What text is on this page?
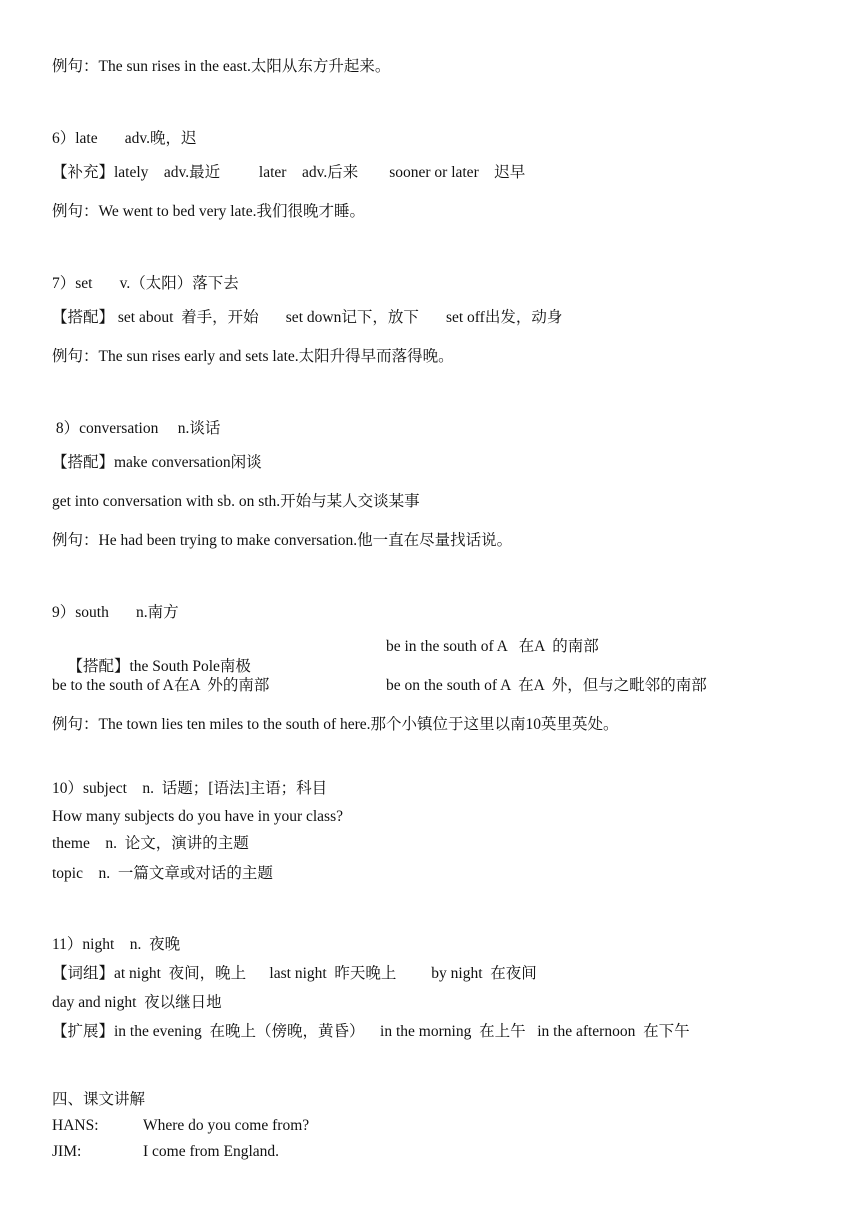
例句：The sun rises in the east.太阳从东方升起来。
6）late       adv.晚，迟
【补充】lately    adv.最近          later    adv.后来        sooner or later    迟早
例句：We went to bed very late.我们很晚才睡。
7）set       v.（太阳）落下去
【搭配】 set about  着手，开始       set down记下，放下       set off出发，动身
例句：The sun rises early and sets late.太阳升得早而落得晚。
8）conversation     n.谈话
【搭配】make conversation闲谈
get into conversation with sb. on sth.开始与某人交谈某事
例句：He had been trying to make conversation.他一直在尽量找话说。
9）south       n.南方

【搭配】the South Pole南极

be in the south of A   在A  的南部
be to the south of A在A  外的南部	be on the south of A  在A  外，但与之毗邻的南部
例句：The town lies ten miles to the south of here.那个小镇位于这里以南10英里英处。
10）subject    n.  话题；[语法]主语；科目
How many subjects do you have in your class?
theme    n.  论文，演讲的主题
topic    n.  一篇文章或对话的主题
11）night    n.  夜晚
【词组】at night  夜间，晚上      last night  昨天晚上         by night  在夜间
day and night  夜以继日地
【扩展】in the evening  在晚上（傍晚，黄昏）    in the morning  在上午   in the afternoon  在下午
四、课文讲解
HANS:	Where do you come from?
JIM:	I come from England.
